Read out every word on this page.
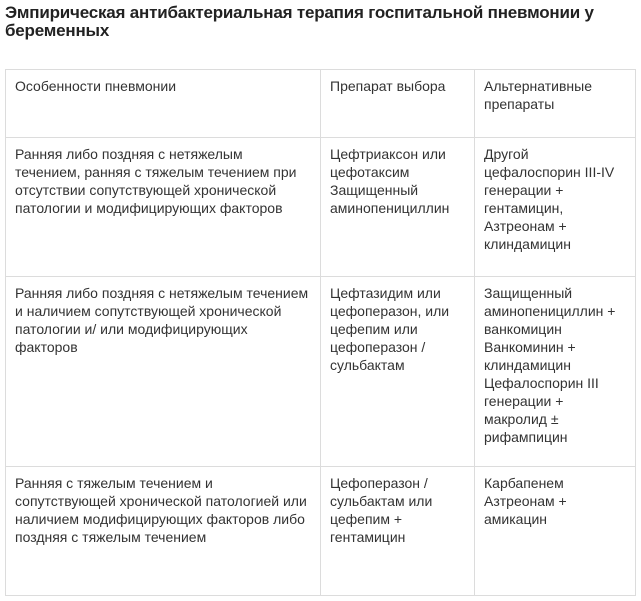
Эмпирическая антибактериальная терапия госпитальной пневмонии у беременных
Особенности пневмонии	Препарат выбора	Альтернативные препараты

Ранняя либо поздняя с нетяжелым течением, ранняя с тяжелым течением при отсутствии сопутствующей хронической патологии и модифицирующих факторов	Цефтриаксон или цефотаксим Защищенный аминопенициллин	Другой цефалоспорин III-IV генерации + гентамицин, Азтреонам + клиндамицин

Ранняя либо поздняя с нетяжелым течением и наличием сопутствующей хронической патологии и/ или модифицирующих факторов	Цефтазидим или цефоперазон, или цефепим или цефоперазон / сульбактам	Защищенный аминопенициллин + ванкомицин Ванкоминин + клиндамицин Цефалоспорин III генерации + макролид ± рифампицин

Ранняя с тяжелым течением и сопутствующей хронической патологией или наличием модифицирующих факторов либо поздняя с тяжелым течением	Цефоперазон / сульбактам или цефепим + гентамицин	Карбапенем Азтреонам + амикацин
